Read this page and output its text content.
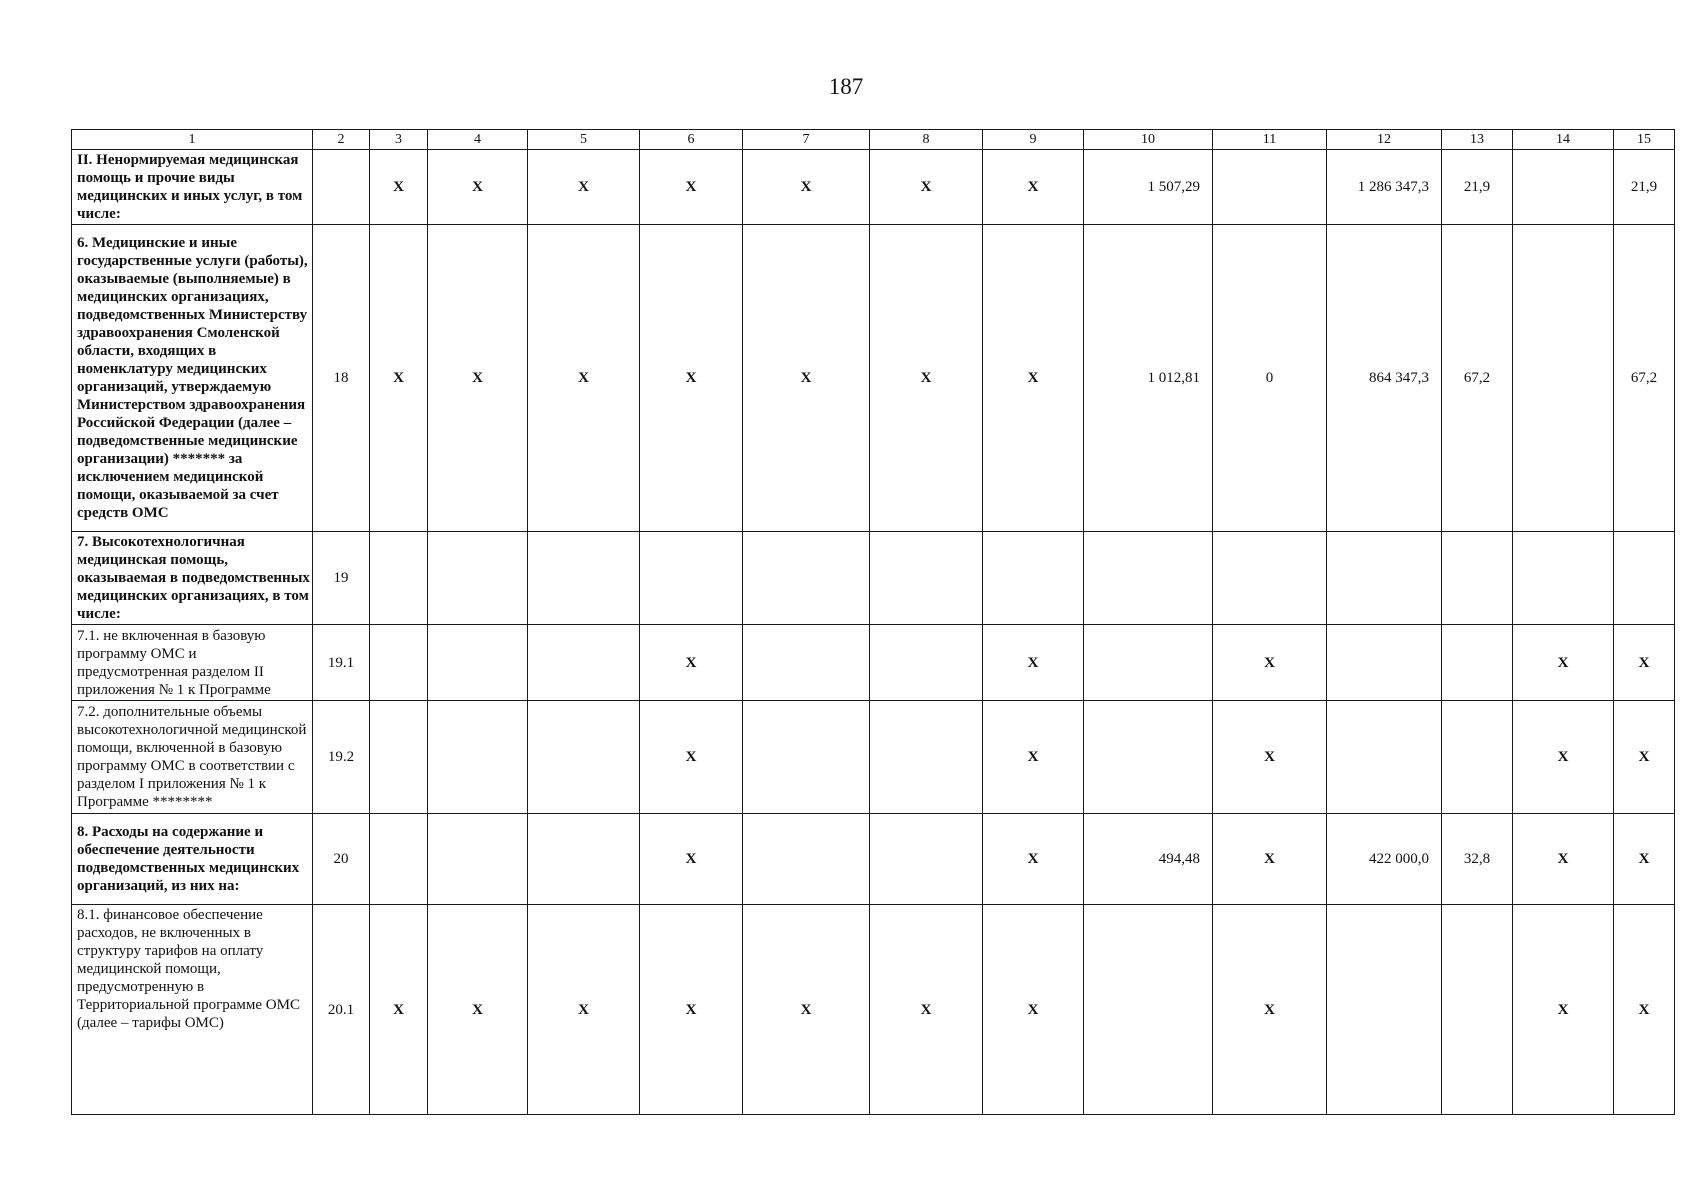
187
1	2	3	4	5	6	7	8	9	10	11	12	13	14	15
II. Ненормируемая медицинская помощь и прочие виды медицинских и иных услуг, в том числе:		X	X	X	X	X	X	X	1 507,29		1 286 347,3	21,9		21,9
6. Медицинские и иные государственные услуги (работы), оказываемые (выполняемые) в медицинских организациях, подведомственных Министерству здравоохранения Смоленской области, входящих в номенклатуру медицинских организаций, утверждаемую Министерством здравоохранения Российской Федерации (далее – подведомственные медицинские организации) ******* за исключением медицинской помощи, оказываемой за счет средств ОМС	18	X	X	X	X	X	X	X	1 012,81	0	864 347,3	67,2		67,2
7. Высокотехнологичная медицинская помощь, оказываемая в подведомственных медицинских организациях, в том числе:	19													
7.1. не включенная в базовую программу ОМС и предусмотренная разделом II приложения № 1 к Программе	19.1				X			X		X			X	X
7.2. дополнительные объемы высокотехнологичной медицинской помощи, включенной в базовую программу ОМС в соответствии с разделом I приложения № 1 к Программе ********	19.2				X			X		X			X	X
8. Расходы на содержание и обеспечение деятельности подведомственных медицинских организаций, из них на:	20				X			X	494,48	X	422 000,0	32,8	X	X
8.1. финансовое обеспечение расходов, не включенных в структуру тарифов на оплату медицинской помощи, предусмотренную в Территориальной программе ОМС (далее – тарифы ОМС)	20.1	X	X	X	X	X	X	X		X			X	X
